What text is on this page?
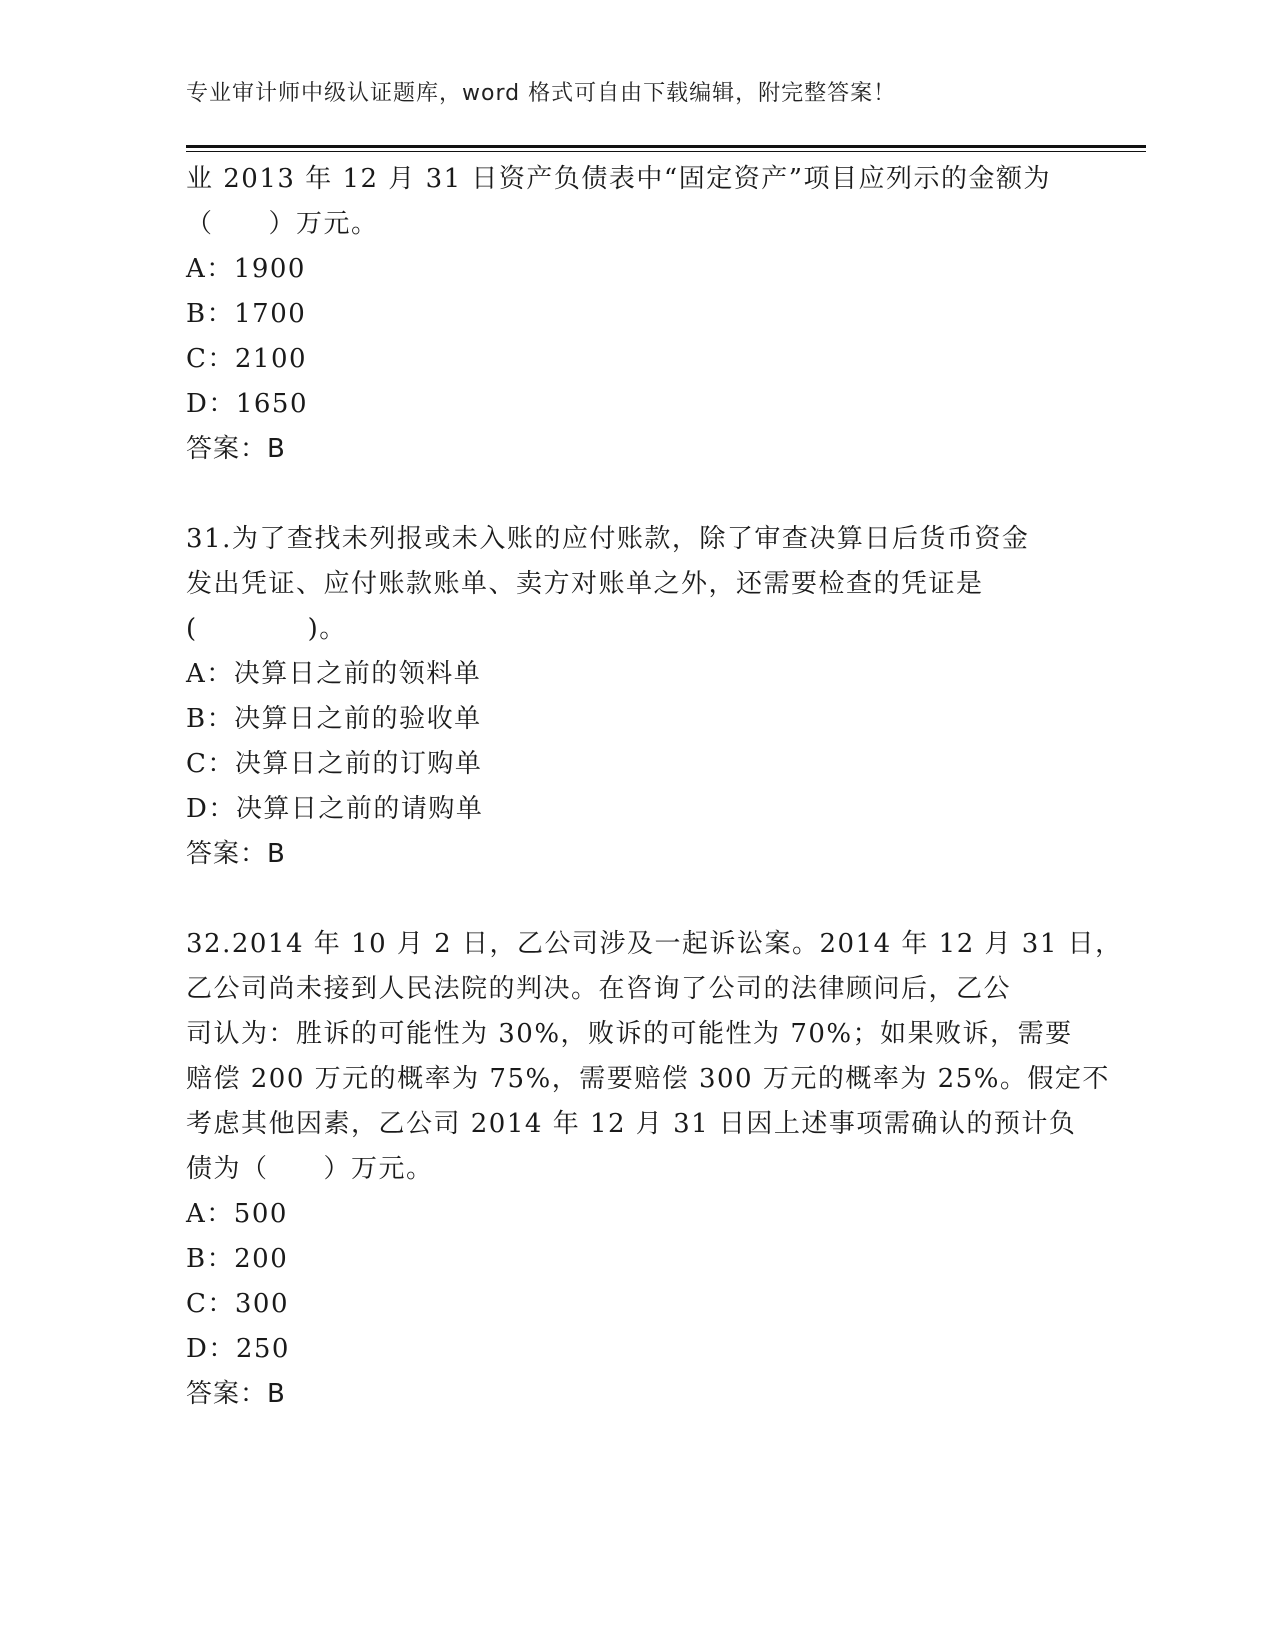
专业审计师中级认证题库，word 格式可自由下载编辑，附完整答案！
业 2013 年 12 月 31 日资产负债表中“固定资产”项目应列示的金额为
（　　）万元。
A：1900
B：1700
C：2100
D：1650
答案：B
31.为了查找未列报或未入账的应付账款，除了审查决算日后货币资金
发出凭证、应付账款账单、卖方对账单之外，还需要检查的凭证是
(　　　　)。
A：决算日之前的领料单
B：决算日之前的验收单
C：决算日之前的订购单
D：决算日之前的请购单
答案：B
32.2014 年 10 月 2 日，乙公司涉及一起诉讼案。2014 年 12 月 31 日，
乙公司尚未接到人民法院的判决。在咨询了公司的法律顾问后，乙公
司认为：胜诉的可能性为 30%，败诉的可能性为 70%；如果败诉，需要
赔偿 200 万元的概率为 75%，需要赔偿 300 万元的概率为 25%。假定不
考虑其他因素，乙公司 2014 年 12 月 31 日因上述事项需确认的预计负
债为（　　）万元。
A：500
B：200
C：300
D：250
答案：B
